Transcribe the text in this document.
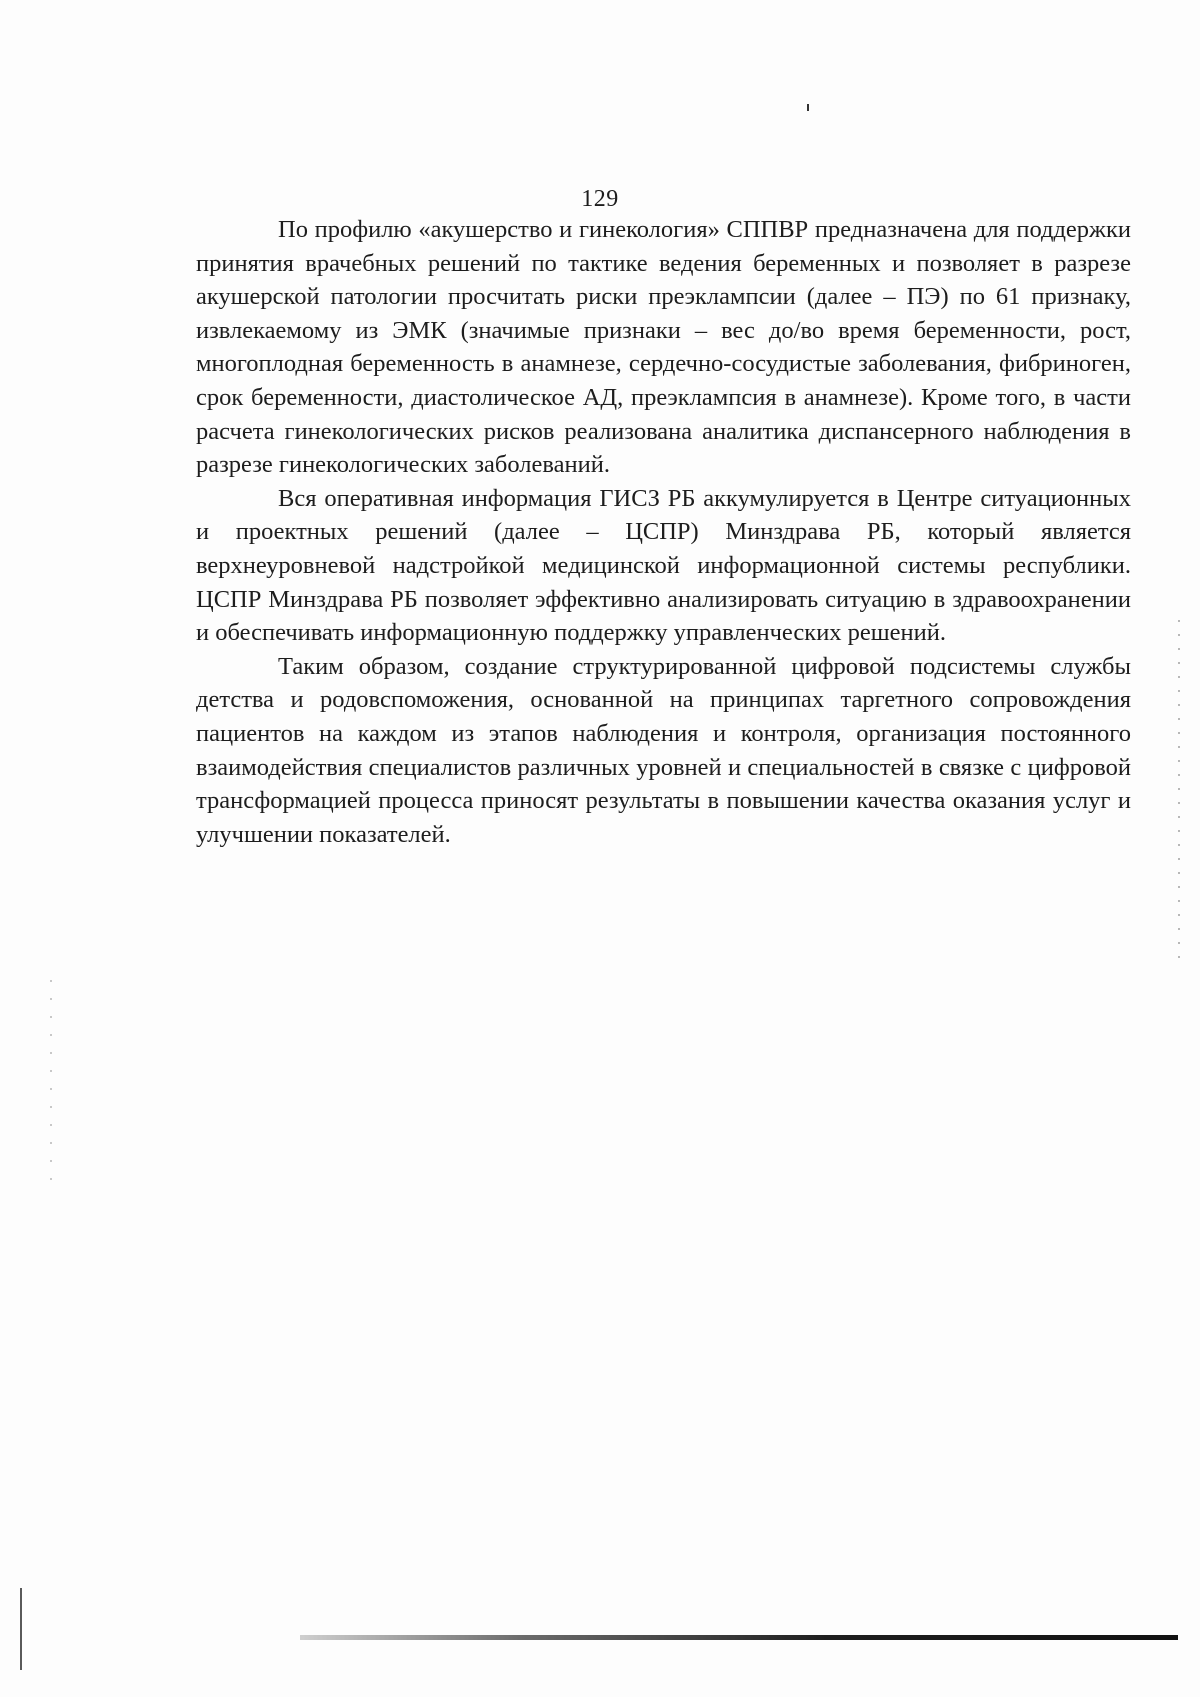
129

По профилю «акушерство и гинекология» СППВР предназначена для поддержки принятия врачебных решений по тактике ведения беременных и позволяет в разрезе акушерской патологии просчитать риски преэклампсии (далее – ПЭ) по 61 признаку, извлекаемому из ЭМК (значимые признаки – вес до/во время беременности, рост, многоплодная беременность в анамнезе, сердечно-сосудистые заболевания, фибриноген, срок беременности, диастолическое АД, преэклампсия в анамнезе). Кроме того, в части расчета гинекологических рисков реализована аналитика диспансерного наблюдения в разрезе гинекологических заболеваний.

Вся оперативная информация ГИСЗ РБ аккумулируется в Центре ситуационных и проектных решений (далее – ЦСПР) Минздрава РБ, который является верхнеуровневой надстройкой медицинской информационной системы республики. ЦСПР Минздрава РБ позволяет эффективно анализировать ситуацию в здравоохранении и обеспечивать информационную поддержку управленческих решений.

Таким образом, создание структурированной цифровой подсистемы службы детства и родовспоможения, основанной на принципах таргетного сопровождения пациентов на каждом из этапов наблюдения и контроля, организация постоянного взаимодействия специалистов различных уровней и специальностей в связке с цифровой трансформацией процесса приносят результаты в повышении качества оказания услуг и улучшении показателей.
